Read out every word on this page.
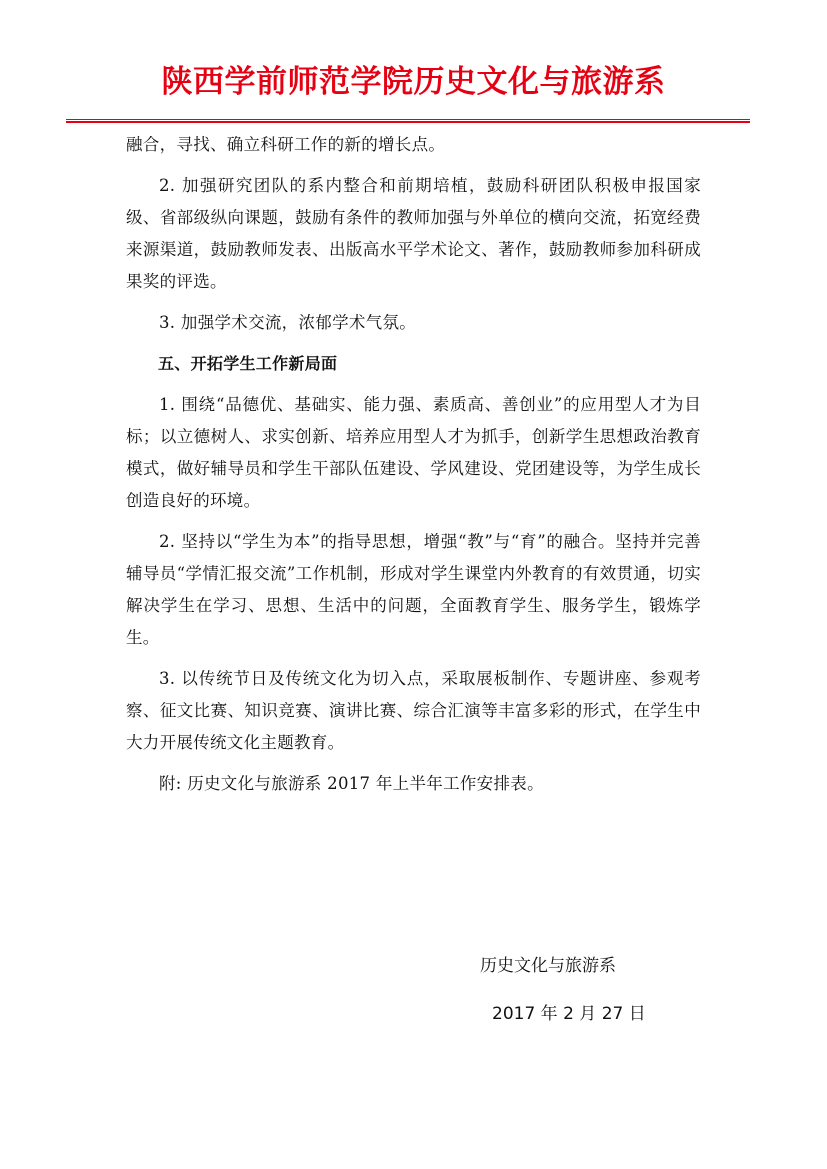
陕西学前师范学院历史文化与旅游系

融合，寻找、确立科研工作的新的增长点。

2. 加强研究团队的系内整合和前期培植，鼓励科研团队积极申报国家级、省部级纵向课题，鼓励有条件的教师加强与外单位的横向交流，拓宽经费来源渠道，鼓励教师发表、出版高水平学术论文、著作，鼓励教师参加科研成果奖的评选。

3. 加强学术交流，浓郁学术气氛。

五、开拓学生工作新局面

1. 围绕“品德优、基础实、能力强、素质高、善创业”的应用型人才为目标；以立德树人、求实创新、培养应用型人才为抓手，创新学生思想政治教育模式，做好辅导员和学生干部队伍建设、学风建设、党团建设等，为学生成长创造良好的环境。

2. 坚持以“学生为本”的指导思想，增强“教”与“育”的融合。坚持并完善辅导员“学情汇报交流”工作机制，形成对学生课堂内外教育的有效贯通，切实解决学生在学习、思想、生活中的问题，全面教育学生、服务学生，锻炼学生。

3. 以传统节日及传统文化为切入点，采取展板制作、专题讲座、参观考察、征文比赛、知识竞赛、演讲比赛、综合汇演等丰富多彩的形式，在学生中大力开展传统文化主题教育。

附: 历史文化与旅游系 2017 年上半年工作安排表。

历史文化与旅游系
2017 年 2 月 27 日
